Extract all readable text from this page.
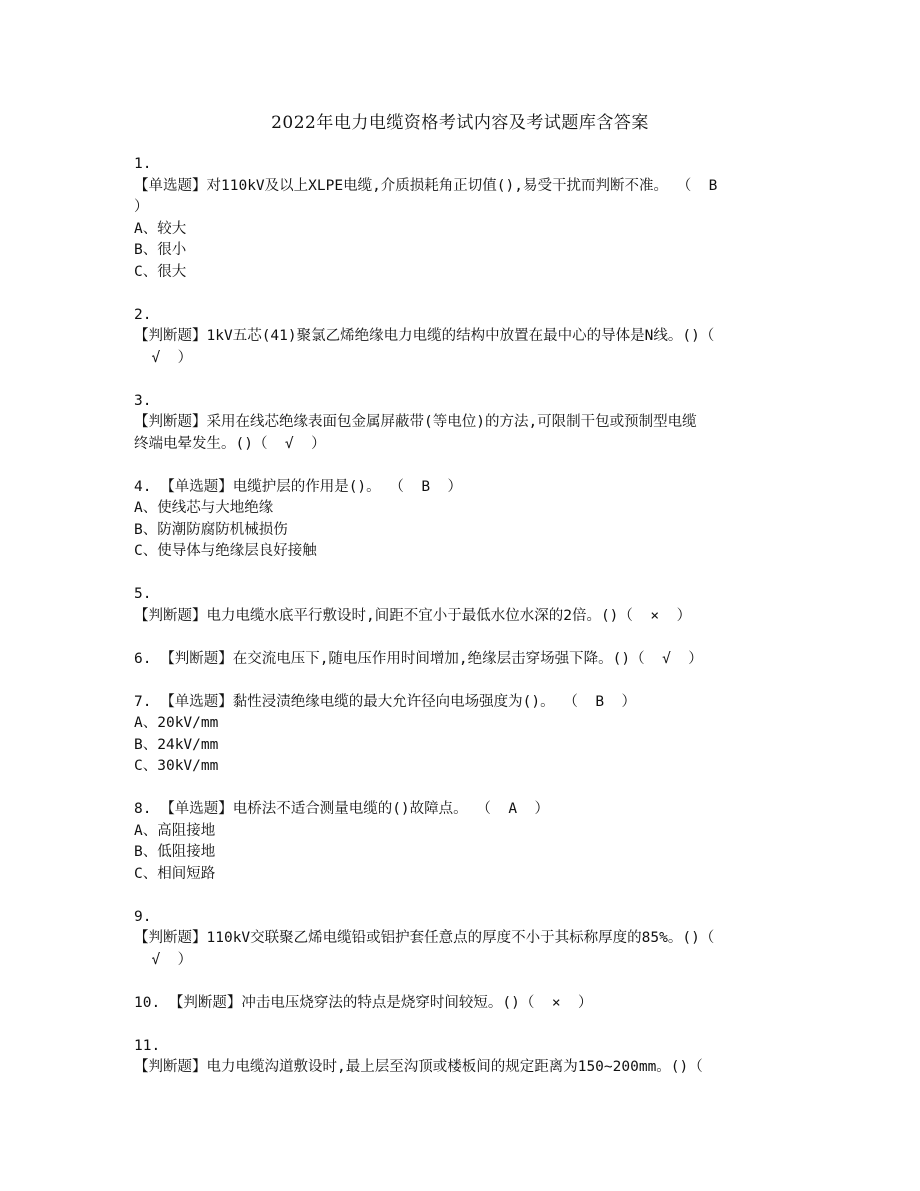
2022年电力电缆资格考试内容及考试题库含答案
1.
【单选题】对110kV及以上XLPE电缆,介质损耗角正切值(),易受干扰而判断不准。 （  B
）
A、较大
B、很小
C、很大
2.
【判断题】1kV五芯(41)聚氯乙烯绝缘电力电缆的结构中放置在最中心的导体是N线。()（
√  ）
3.
【判断题】采用在线芯绝缘表面包金属屏蔽带(等电位)的方法,可限制干包或预制型电缆
终端电晕发生。()（  √  ）
4. 【单选题】电缆护层的作用是()。 （  B  ）
A、使线芯与大地绝缘
B、防潮防腐防机械损伤
C、使导体与绝缘层良好接触
5.
【判断题】电力电缆水底平行敷设时,间距不宜小于最低水位水深的2倍。()（  ×  ）
6. 【判断题】在交流电压下,随电压作用时间增加,绝缘层击穿场强下降。()（  √  ）
7. 【单选题】黏性浸渍绝缘电缆的最大允许径向电场强度为()。 （  B  ）
A、20kV/mm
B、24kV/mm
C、30kV/mm
8. 【单选题】电桥法不适合测量电缆的()故障点。 （  A  ）
A、高阻接地
B、低阻接地
C、相间短路
9.
【判断题】110kV交联聚乙烯电缆铅或铝护套任意点的厚度不小于其标称厚度的85%。()（
√  ）
10. 【判断题】冲击电压烧穿法的特点是烧穿时间较短。()（  ×  ）
11.
【判断题】电力电缆沟道敷设时,最上层至沟顶或楼板间的规定距离为150~200mm。()（
